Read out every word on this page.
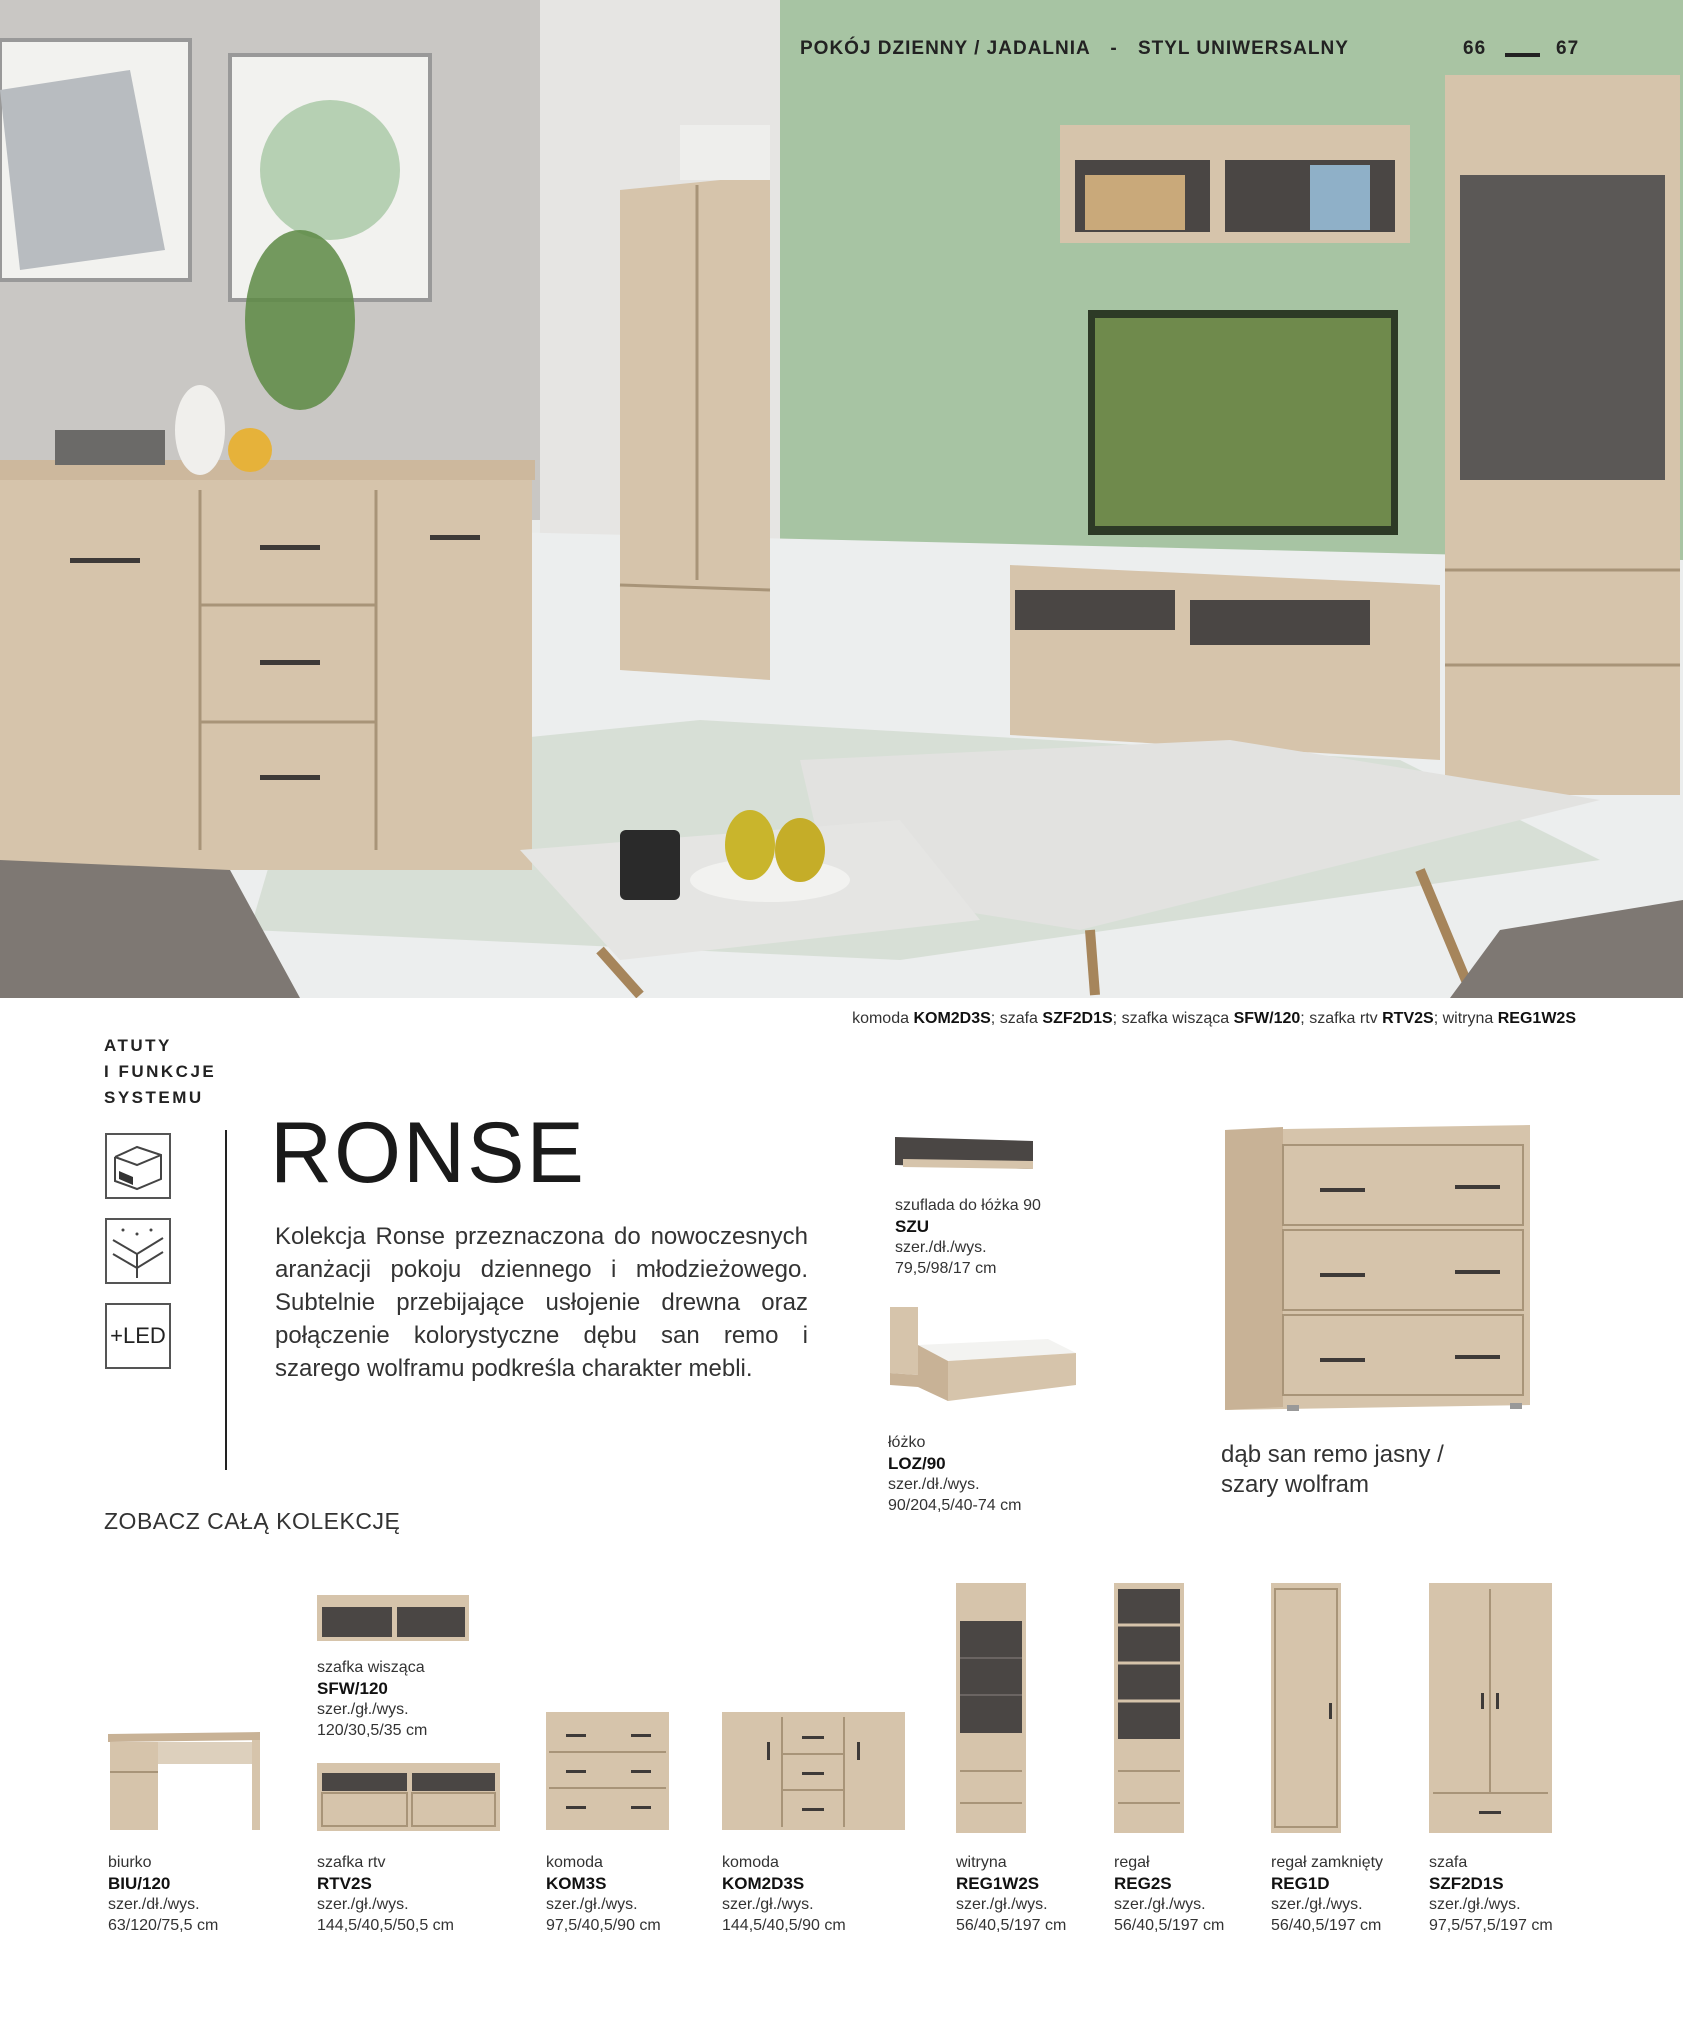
POKÓJ DZIENNY / JADALNIA - STYL UNIWERSALNY	66	67
komoda KOM2D3S; szafa SZF2D1S; szafka wisząca SFW/120; szafka rtv RTV2S; witryna REG1W2S
ATUTY
I FUNKCJE
SYSTEMU
+LED
RONSE
Kolekcja Ronse przeznaczona do nowoczesnych aranżacji pokoju dziennego i młodzieżowego. Subtelnie przebijające usłojenie drewna oraz połączenie kolorystyczne dębu san remo i szarego wolframu podkreśla charakter mebli.
ZOBACZ CAŁĄ KOLEKCJĘ
szuflada do łóżka 90
SZU
szer./dł./wys.
79,5/98/17 cm
łóżko
LOZ/90
szer./dł./wys.
90/204,5/40-74 cm
dąb san remo jasny /
szary wolfram
szafka wisząca
SFW/120
szer./gł./wys.
120/30,5/35 cm
biurko
BIU/120
szer./dł./wys.
63/120/75,5 cm
szafka rtv
RTV2S
szer./gł./wys.
144,5/40,5/50,5 cm
komoda
KOM3S
szer./gł./wys.
97,5/40,5/90 cm
komoda
KOM2D3S
szer./gł./wys.
144,5/40,5/90 cm
witryna
REG1W2S
szer./gł./wys.
56/40,5/197 cm
regał
REG2S
szer./gł./wys.
56/40,5/197 cm
regał zamknięty
REG1D
szer./gł./wys.
56/40,5/197 cm
szafa
SZF2D1S
szer./gł./wys.
97,5/57,5/197 cm
